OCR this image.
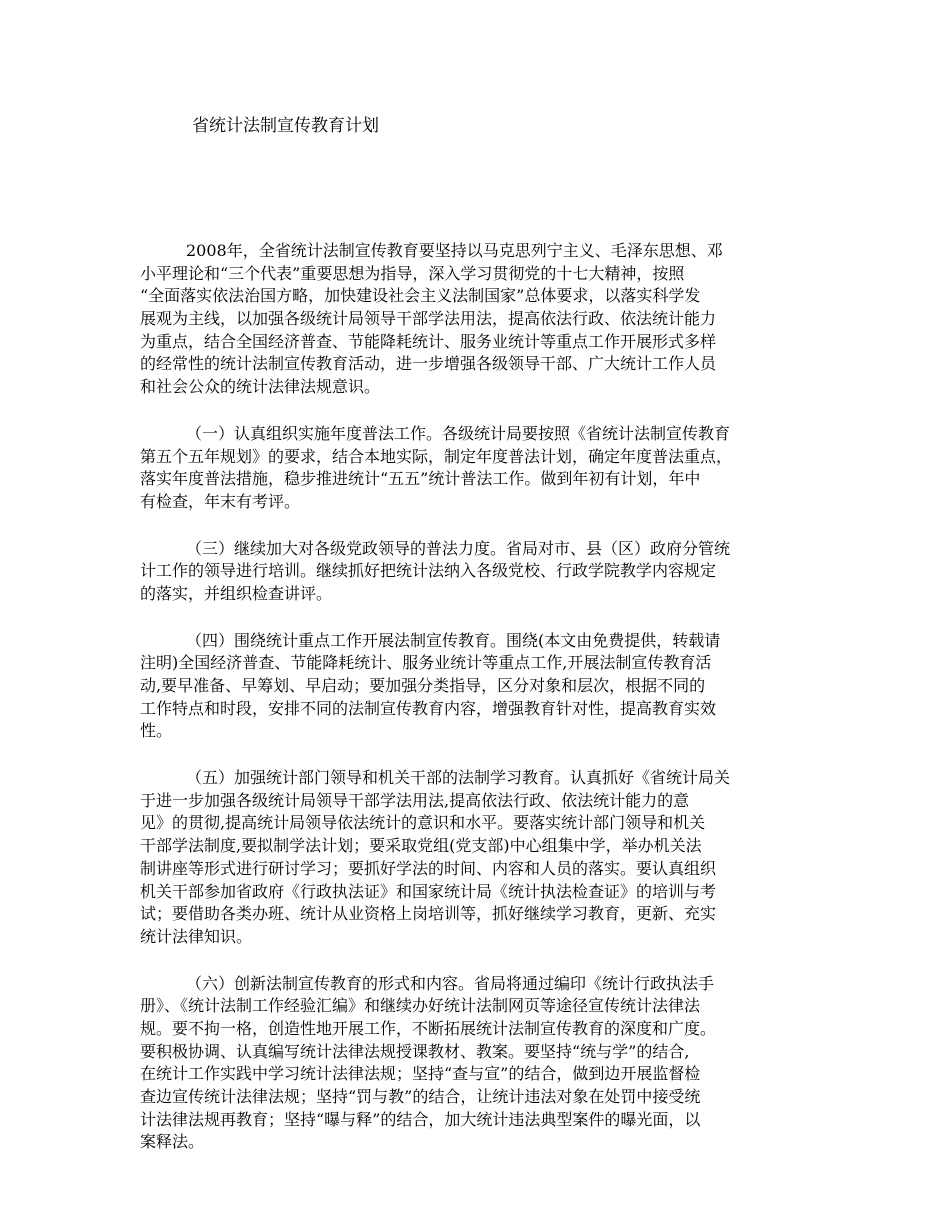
省统计法制宣传教育计划
2008年，全省统计法制宣传教育要坚持以马克思列宁主义、毛泽东思想、邓
小平理论和“三个代表”重要思想为指导，深入学习贯彻党的十七大精神，按照
“全面落实依法治国方略，加快建设社会主义法制国家”总体要求，以落实科学发
展观为主线，以加强各级统计局领导干部学法用法，提高依法行政、依法统计能力
为重点，结合全国经济普查、节能降耗统计、服务业统计等重点工作开展形式多样
的经常性的统计法制宣传教育活动，进一步增强各级领导干部、广大统计工作人员
和社会公众的统计法律法规意识。
（一）认真组织实施年度普法工作。各级统计局要按照《省统计法制宣传教育
第五个五年规划》的要求，结合本地实际，制定年度普法计划，确定年度普法重点，
落实年度普法措施，稳步推进统计“五五”统计普法工作。做到年初有计划，年中
有检查，年末有考评。
（三）继续加大对各级党政领导的普法力度。省局对市、县（区）政府分管统
计工作的领导进行培训。继续抓好把统计法纳入各级党校、行政学院教学内容规定
的落实，并组织检查讲评。
（四）围绕统计重点工作开展法制宣传教育。围绕(本文由免费提供，转载请
注明)全国经济普查、节能降耗统计、服务业统计等重点工作,开展法制宣传教育活
动,要早准备、早筹划、早启动；要加强分类指导，区分对象和层次，根据不同的
工作特点和时段，安排不同的法制宣传教育内容，增强教育针对性，提高教育实效
性。
（五）加强统计部门领导和机关干部的法制学习教育。认真抓好《省统计局关
于进一步加强各级统计局领导干部学法用法,提高依法行政、依法统计能力的意
见》的贯彻,提高统计局领导依法统计的意识和水平。要落实统计部门领导和机关
干部学法制度,要拟制学法计划；要采取党组(党支部)中心组集中学，举办机关法
制讲座等形式进行研讨学习；要抓好学法的时间、内容和人员的落实。要认真组织
机关干部参加省政府《行政执法证》和国家统计局《统计执法检查证》的培训与考
试；要借助各类办班、统计从业资格上岗培训等，抓好继续学习教育，更新、充实
统计法律知识。
（六）创新法制宣传教育的形式和内容。省局将通过编印《统计行政执法手
册》、《统计法制工作经验汇编》和继续办好统计法制网页等途径宣传统计法律法
规。要不拘一格，创造性地开展工作，不断拓展统计法制宣传教育的深度和广度。
要积极协调、认真编写统计法律法规授课教材、教案。要坚持“统与学”的结合,
在统计工作实践中学习统计法律法规；坚持“查与宣”的结合，做到边开展监督检
查边宣传统计法律法规；坚持“罚与教”的结合，让统计违法对象在处罚中接受统
计法律法规再教育；坚持“曝与释”的结合，加大统计违法典型案件的曝光面，以
案释法。
